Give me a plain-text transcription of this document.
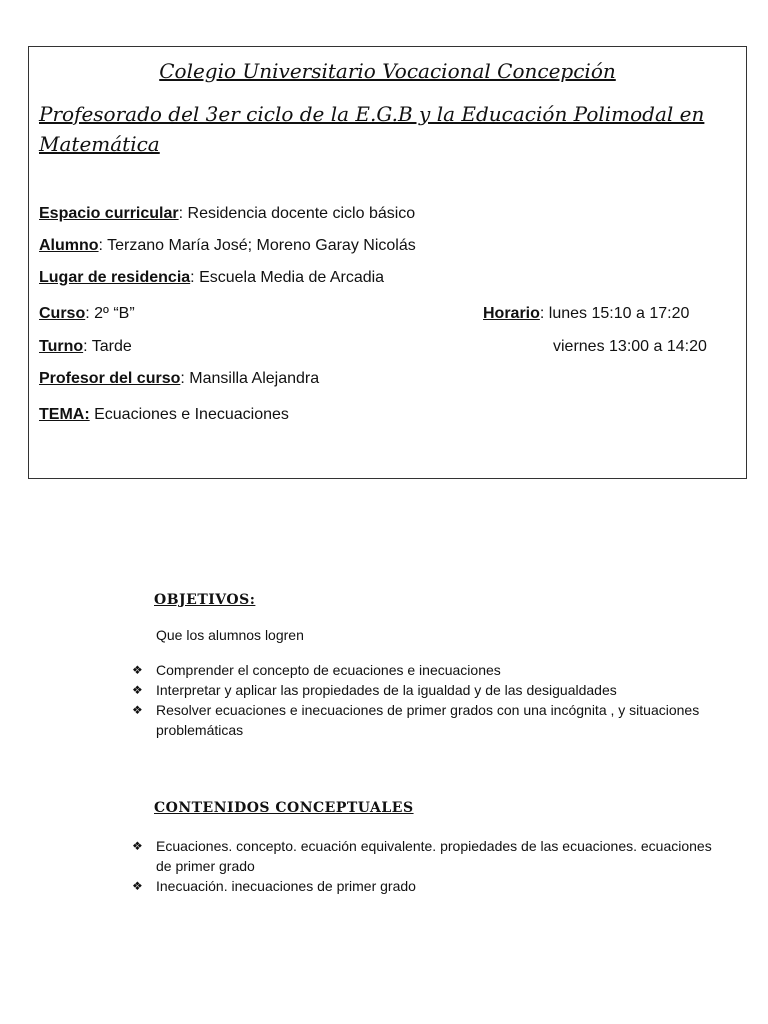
Colegio Universitario Vocacional Concepción
Profesorado del 3er ciclo de la E.G.B y la Educación Polimodal en Matemática
Espacio curricular: Residencia docente ciclo básico
Alumno: Terzano María José; Moreno Garay Nicolás
Lugar de residencia: Escuela Media de Arcadia
Curso: 2º “B”	Horario: lunes 15:10 a 17:20
viernes 13:00 a 14:20
Turno: Tarde
Profesor del curso: Mansilla Alejandra
TEMA: Ecuaciones e Inecuaciones
OBJETIVOS:
Que los alumnos logren
❖ Comprender el concepto de ecuaciones e inecuaciones
❖ Interpretar y aplicar las propiedades de la igualdad y de las desigualdades
❖ Resolver ecuaciones e inecuaciones de primer grados con una incógnita , y situaciones problemáticas
CONTENIDOS CONCEPTUALES
❖ Ecuaciones. concepto. ecuación equivalente. propiedades de las ecuaciones. ecuaciones de primer grado
❖ Inecuación. inecuaciones de primer grado
